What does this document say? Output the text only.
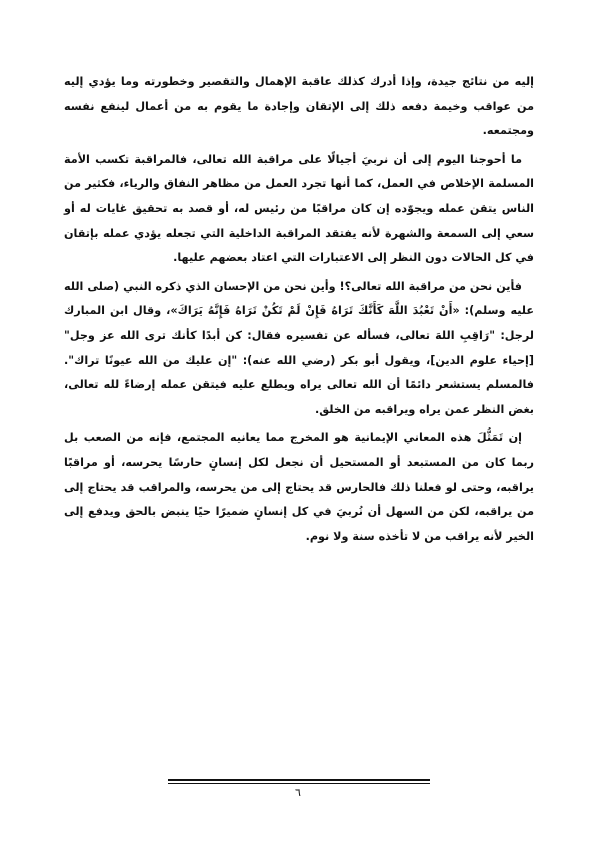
إليه من نتائج جيدة، وإذا أدرك كذلك عاقبة الإهمال والتقصير وخطورته وما يؤدي إليه من عواقب وخيمة دفعه ذلك إلى الإتقان وإجادة ما يقوم به من أعمال لينفع نفسه ومجتمعه.

ما أحوجنا اليوم إلى أن نربيَ أجيالًا على مراقبة الله تعالى، فالمراقبة تكسب الأمة المسلمة الإخلاص في العمل، كما أنها تجرد العمل من مظاهر النفاق والرياء، فكثير من الناس يتقن عمله ويجوّده إن كان مراقبًا من رئيس له، أو قصد به تحقيق غايات له أو سعي إلى السمعة والشهرة لأنه يفتقد المراقبة الداخلية التي تجعله يؤدي عمله بإتقان في كل الحالات دون النظر إلى الاعتبارات التي اعتاد بعضهم عليها.

فأين نحن من مراقبة الله تعالى؟! وأين نحن من الإحسان الذي ذكره النبي (صلى الله عليه وسلم): «أَنْ تَعْبُدَ اللَّهَ كَأَنَّكَ تَرَاهُ فَإِنْ لَمْ تَكُنْ تَرَاهُ فَإِنَّهُ يَرَاكَ»، وقال ابن المبارك لرجل: "رَاقِبِ اللهَ تعالى، فسأله عن تفسيره فقال: كن أبدًا كأنك ترى الله عز وجل"[إحياء علوم الدين]، ويقول أبو بكر (رضي الله عنه): "إن عليك من الله عيونًا تراك". فالمسلم يستشعر دائمًا أن الله تعالى يراه ويطلع عليه فيتقن عمله إرضاءً لله تعالى، بغض النظر عمن يراه ويراقبه من الخلق.

إن تَمَثُّلَ هذه المعاني الإيمانية هو المخرج مما يعانيه المجتمع، فإنه من الصعب بل ربما كان من المستبعد أو المستحيل أن نجعل لكل إنسانٍ حارسًا يحرسه، أو مراقبًا يراقبه، وحتى لو فعلنا ذلك فالحارس قد يحتاج إلى من يحرسه، والمراقب قد يحتاج إلى من يراقبه، لكن من السهل أن نُربيَ في كل إنسانٍ ضميرًا حيًا ينبض بالحق ويدفع إلى الخير لأنه يراقب من لا تأخذه سنة ولا نوم.

٦
